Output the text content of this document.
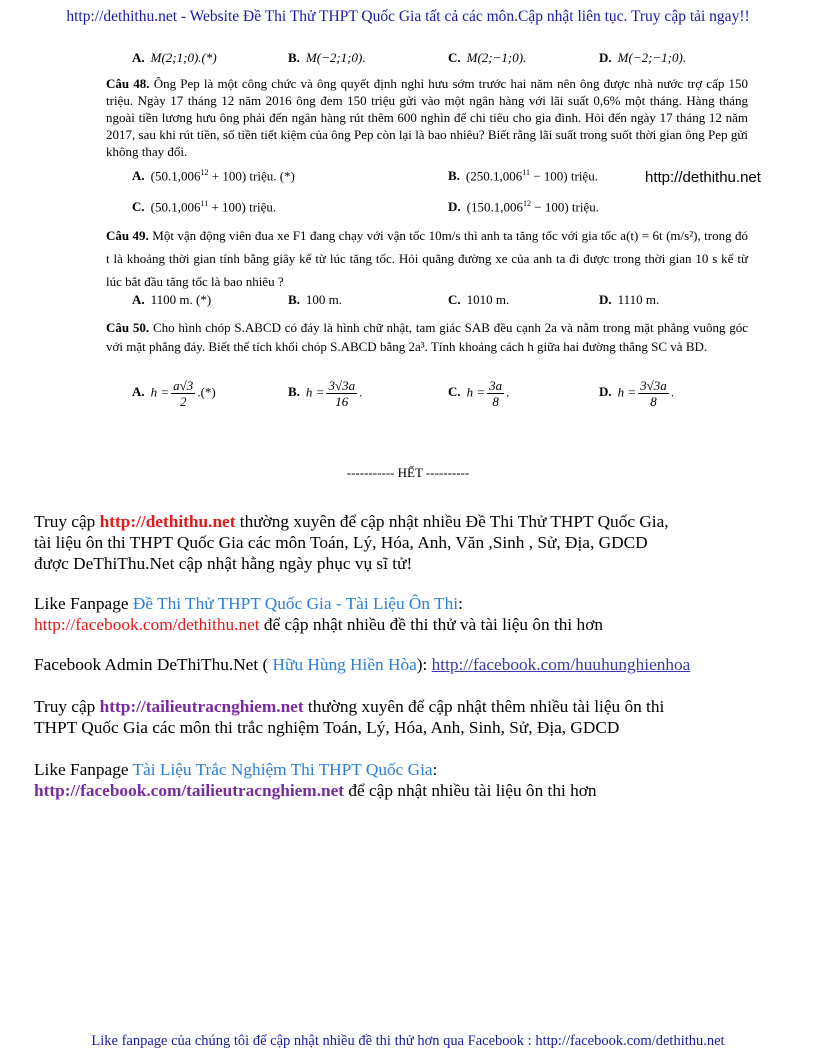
http://dethithu.net - Website Đề Thi Thử THPT Quốc Gia tất cả các môn.Cập nhật liên tục. Truy cập tải ngay!!
A. M(2;1;0).(*)	B. M(−2;1;0).	C. M(2;−1;0).	D. M(−2;−1;0).
Câu 48. Ông Pep là một công chức và ông quyết định nghỉ hưu sớm trước hai năm nên ông được nhà nước trợ cấp 150 triệu. Ngày 17 tháng 12 năm 2016 ông đem 150 triệu gửi vào một ngân hàng với lãi suất 0,6% một tháng. Hàng tháng ngoài tiền lương hưu ông phải đến ngân hàng rút thêm 600 nghìn để chi tiêu cho gia đình. Hỏi đến ngày 17 tháng 12 năm 2017, sau khi rút tiền, số tiền tiết kiệm của ông Pep còn lại là bao nhiêu? Biết rằng lãi suất trong suốt thời gian ông Pep gửi không thay đổi.
A. $(50.1,006^{12} + 100)$ triệu. (*)	B. $(250.1,006^{11} - 100)$ triệu.	http://dethithu.net
C. $(50.1,006^{11} + 100)$ triệu.	D. $(150.1,006^{12} - 100)$ triệu.
Câu 49. Một vận động viên đua xe F1 đang chạy với vận tốc 10m/s thì anh ta tăng tốc với gia tốc a(t) = 6t (m/s²), trong đó t là khoảng thời gian tính bằng giây kể từ lúc tăng tốc. Hỏi quãng đường xe của anh ta đi được trong thời gian 10 s kể từ lúc bắt đầu tăng tốc là bao nhiêu ?
A. 1100 m. (*)	B. 100 m.	C. 1010 m.	D. 1110 m.
Câu 50. Cho hình chóp S.ABCD có đáy là hình chữ nhật, tam giác SAB đều cạnh 2a và nằm trong mặt phẳng vuông góc với mặt phẳng đáy. Biết thể tích khối chóp S.ABCD bằng 2a³. Tính khoảng cách h giữa hai đường thẳng SC và BD.
A. $h = \frac{a√3}{2}$ .(*)	B. $h = \frac{3√3a}{16}$ .	C. $h = \frac{3a}{8}$ .	D. $h = \frac{3√3a}{8}$ .
----------- HẾT ----------
Truy cập http://dethithu.net thường xuyên để cập nhật nhiều Đề Thi Thử THPT Quốc Gia,
tài liệu ôn thi THPT Quốc Gia các môn Toán, Lý, Hóa, Anh, Văn ,Sinh , Sử, Địa, GDCD
được DeThiThu.Net cập nhật hằng ngày phục vụ sĩ tử!
Like Fanpage Đề Thi Thử THPT Quốc Gia - Tài Liệu Ôn Thi:
http://facebook.com/dethithu.net để cập nhật nhiều đề thi thử và tài liệu ôn thi hơn
Facebook Admin DeThiThu.Net ( Hữu Hùng Hiền Hòa): http://facebook.com/huuhunghienhoa
Truy cập http://tailieutracnghiem.net thường xuyên để cập nhật thêm nhiều tài liệu ôn thi
THPT Quốc Gia các môn thi trắc nghiệm Toán, Lý, Hóa, Anh, Sinh, Sử, Địa, GDCD
Like Fanpage Tài Liệu Trắc Nghiệm Thi THPT Quốc Gia:
http://facebook.com/tailieutracnghiem.net để cập nhật nhiều tài liệu ôn thi hơn
Like fanpage của chúng tôi để cập nhật nhiều đề thi thử hơn qua Facebook : http://facebook.com/dethithu.net
